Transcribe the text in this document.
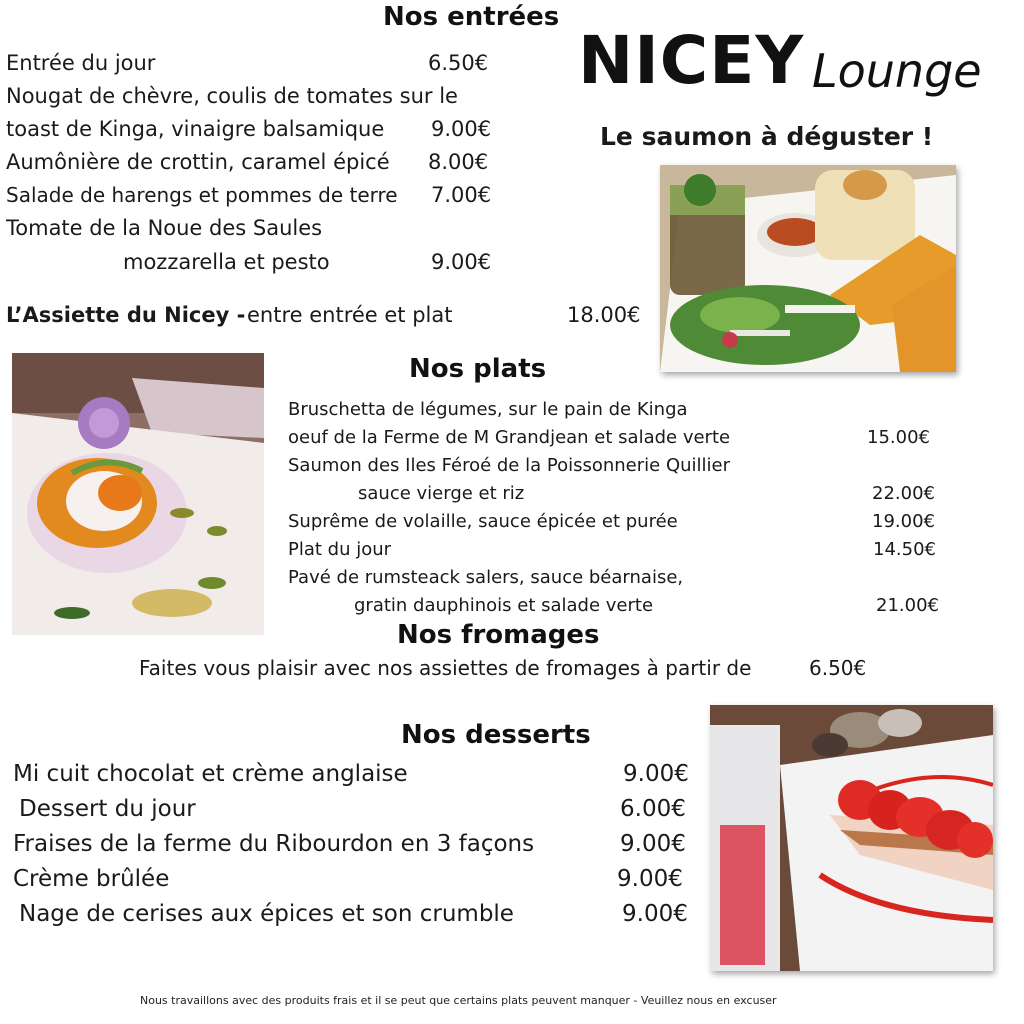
Nos entrées
Entrée du jour	6.50€
Nougat de chèvre, coulis de tomates sur le
toast de Kinga, vinaigre balsamique 9.00€
Aumônière de crottin, caramel épicé 8.00€
Salade de harengs et pommes de terre 7.00€
Tomate de la Noue des Saules
mozzarella et pesto	9.00€
L’Assiette du Nicey - entre entrée et plat	18.00€
NICEY Lounge
Le saumon à déguster !
Nos plats
Bruschetta de légumes, sur le pain de Kinga
oeuf de la Ferme de M Grandjean et salade verte	15.00€
Saumon des Iles Féroé de la Poissonnerie Quillier
sauce vierge et riz	22.00€
Suprême de volaille, sauce épicée et purée	19.00€
Plat du jour	14.50€
Pavé de rumsteack salers, sauce béarnaise,
gratin dauphinois et salade verte	21.00€
Nos fromages
Faites vous plaisir avec nos assiettes de fromages à partir de	6.50€
Nos desserts
Mi cuit chocolat et crème anglaise	9.00€
Dessert du jour	6.00€
Fraises de la ferme du Ribourdon en 3 façons	9.00€
Crème brûlée	9.00€
Nage de cerises aux épices et son crumble	9.00€
Nous travaillons avec des produits frais et il se peut que certains plats peuvent manquer - Veuillez nous en excuser
